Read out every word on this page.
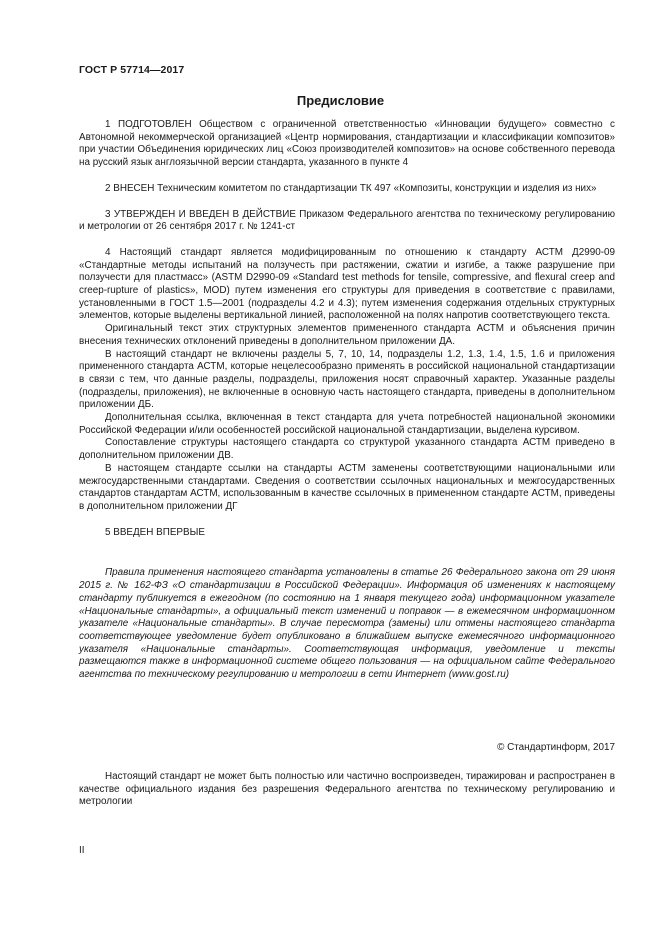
ГОСТ Р 57714—2017
Предисловие

1 ПОДГОТОВЛЕН Обществом с ограниченной ответственностью «Инновации будущего» совместно с Автономной некоммерческой организацией «Центр нормирования, стандартизации и классификации композитов» при участии Объединения юридических лиц «Союз производителей композитов» на основе собственного перевода на русский язык англоязычной версии стандарта, указанного в пункте 4

2 ВНЕСЕН Техническим комитетом по стандартизации ТК 497 «Композиты, конструкции и изделия из них»

3 УТВЕРЖДЕН И ВВЕДЕН В ДЕЙСТВИЕ Приказом Федерального агентства по техническому регулированию и метрологии от 26 сентября 2017 г. № 1241-ст

4 Настоящий стандарт является модифицированным по отношению к стандарту АСТМ Д2990-09 «Стандартные методы испытаний на ползучесть при растяжении, сжатии и изгибе, а также разрушение при ползучести для пластмасс» (ASTM D2990-09 «Standard test methods for tensile, compressive, and flexural creep and creep-rupture of plastics», MOD) путем изменения его структуры для приведения в соответствие с правилами, установленными в ГОСТ 1.5—2001 (подразделы 4.2 и 4.3); путем изменения содержания отдельных структурных элементов, которые выделены вертикальной линией, расположенной на полях напротив соответствующего текста.

Оригинальный текст этих структурных элементов примененного стандарта АСТМ и объяснения причин внесения технических отклонений приведены в дополнительном приложении ДА.

В настоящий стандарт не включены разделы 5, 7, 10, 14, подразделы 1.2, 1.3, 1.4, 1.5, 1.6 и приложения примененного стандарта АСТМ, которые нецелесообразно применять в российской национальной стандартизации в связи с тем, что данные разделы, подразделы, приложения носят справочный характер. Указанные разделы (подразделы, приложения), не включенные в основную часть настоящего стандарта, приведены в дополнительном приложении ДБ.

Дополнительная ссылка, включенная в текст стандарта для учета потребностей национальной экономики Российской Федерации и/или особенностей российской национальной стандартизации, выделена курсивом.

Сопоставление структуры настоящего стандарта со структурой указанного стандарта АСТМ приведено в дополнительном приложении ДВ.

В настоящем стандарте ссылки на стандарты АСТМ заменены соответствующими национальными или межгосударственными стандартами. Сведения о соответствии ссылочных национальных и межгосударственных стандартов стандартам АСТМ, использованным в качестве ссылочных в примененном стандарте АСТМ, приведены в дополнительном приложении ДГ

5 ВВЕДЕН ВПЕРВЫЕ

Правила применения настоящего стандарта установлены в статье 26 Федерального закона от 29 июня 2015 г. № 162-ФЗ «О стандартизации в Российской Федерации». Информация об изменениях к настоящему стандарту публикуется в ежегодном (по состоянию на 1 января текущего года) информационном указателе «Национальные стандарты», а официальный текст изменений и поправок — в ежемесячном информационном указателе «Национальные стандарты». В случае пересмотра (замены) или отмены настоящего стандарта соответствующее уведомление будет опубликовано в ближайшем выпуске ежемесячного информационного указателя «Национальные стандарты». Соответствующая информация, уведомление и тексты размещаются также в информационной системе общего пользования — на официальном сайте Федерального агентства по техническому регулированию и метрологии в сети Интернет (www.gost.ru)

© Стандартинформ, 2017

Настоящий стандарт не может быть полностью или частично воспроизведен, тиражирован и распространен в качестве официального издания без разрешения Федерального агентства по техническому регулированию и метрологии

II
